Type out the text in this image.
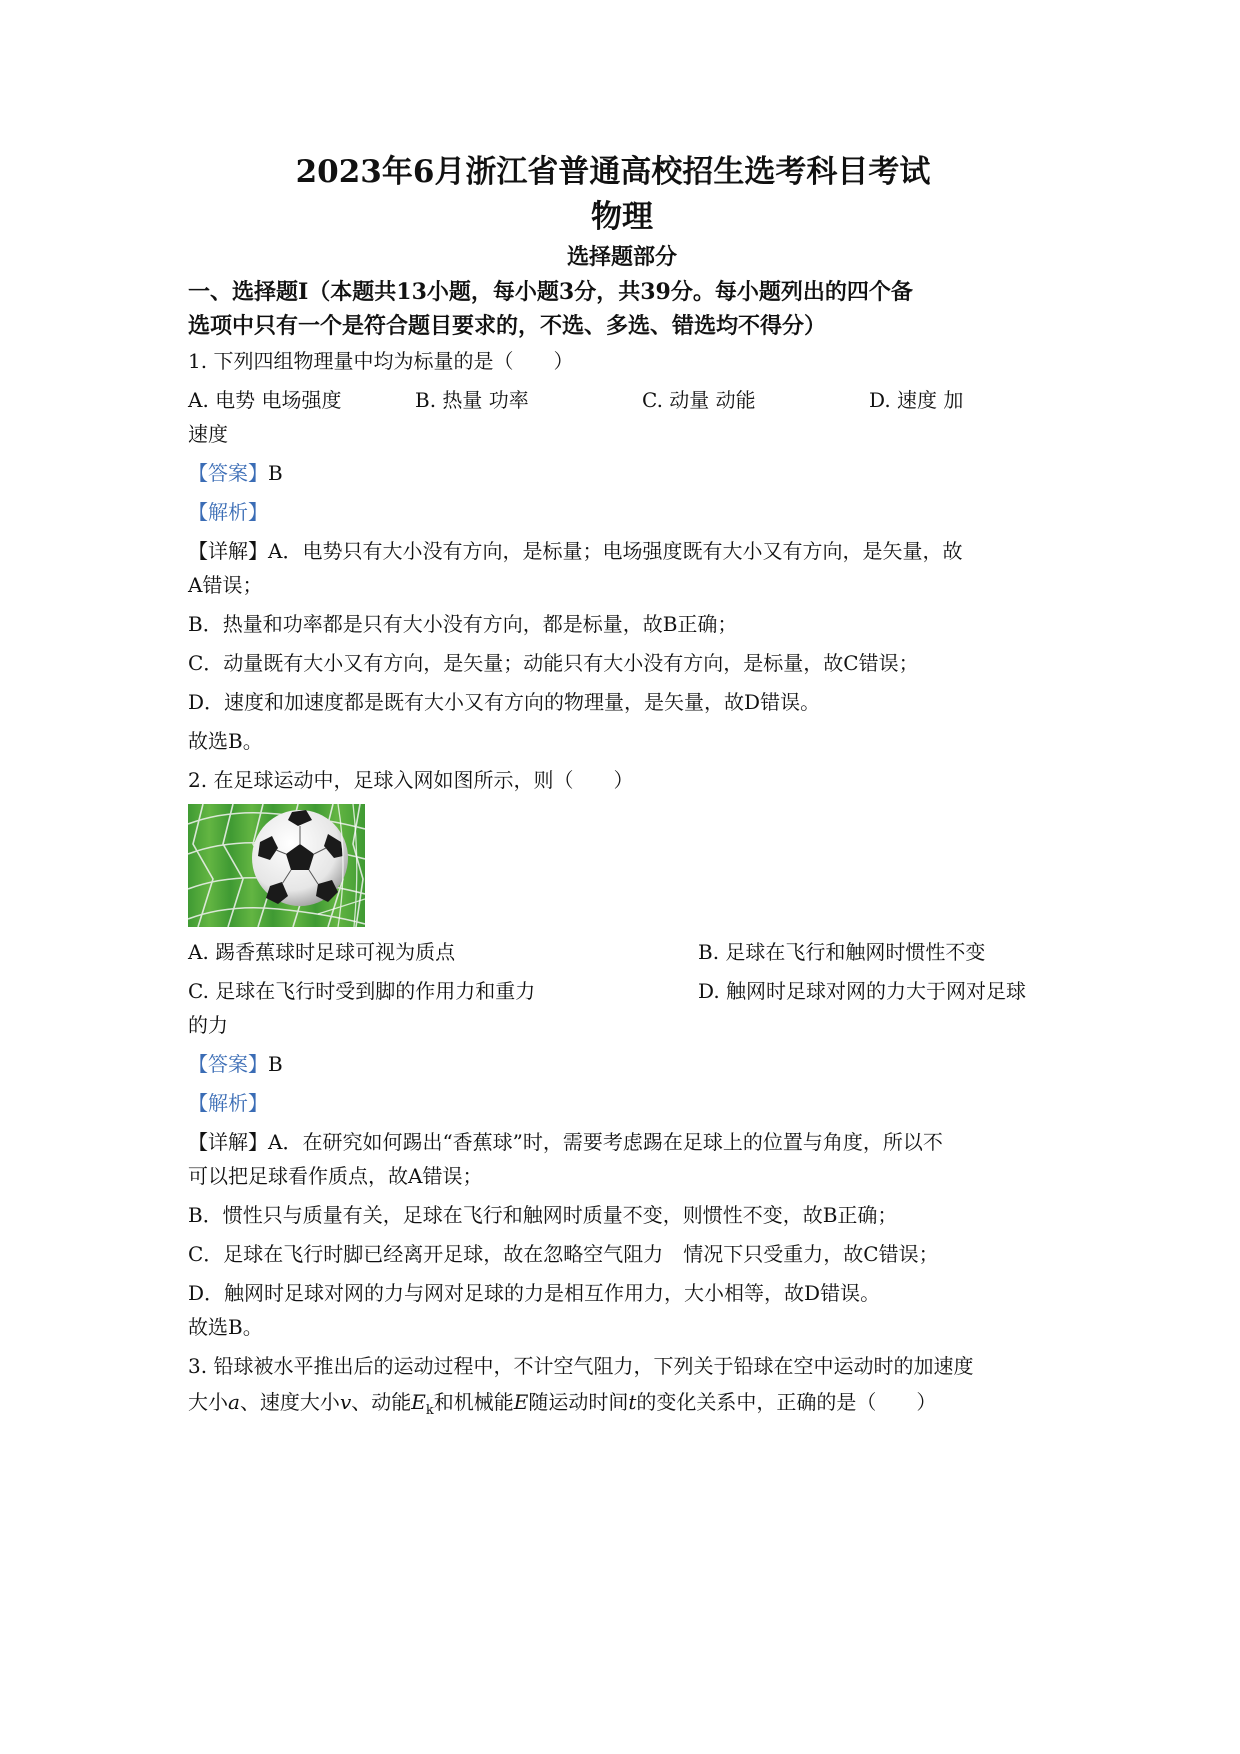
2023年6月浙江省普通高校招生选考科目考试
物理
选择题部分
一、选择题Ⅰ（本题共13小题，每小题3分，共39分。每小题列出的四个备
选项中只有一个是符合题目要求的，不选、多选、错选均不得分）
1. 下列四组物理量中均为标量的是（　　）
A. 电势 电场强度	B. 热量 功率	C. 动量 动能	D. 速度 加
速度
【答案】B
【解析】
【详解】A．电势只有大小没有方向，是标量；电场强度既有大小又有方向，是矢量，故
A错误；
B．热量和功率都是只有大小没有方向，都是标量，故B正确；
C．动量既有大小又有方向，是矢量；动能只有大小没有方向，是标量，故C错误；
D．速度和加速度都是既有大小又有方向的物理量，是矢量，故D错误。
故选B。
2. 在足球运动中，足球入网如图所示，则（　　）
A. 踢香蕉球时足球可视为质点	B. 足球在飞行和触网时惯性不变
C. 足球在飞行时受到脚的作用力和重力	D. 触网时足球对网的力大于网对足球
的力
【答案】B
【解析】
【详解】A．在研究如何踢出“香蕉球”时，需要考虑踢在足球上的位置与角度，所以不
可以把足球看作质点，故A错误；
B．惯性只与质量有关，足球在飞行和触网时质量不变，则惯性不变，故B正确；
C．足球在飞行时脚已经离开足球，故在忽略空气阻力　情况下只受重力，故C错误；
D．触网时足球对网的力与网对足球的力是相互作用力，大小相等，故D错误。
故选B。
3. 铅球被水平推出后的运动过程中，不计空气阻力，下列关于铅球在空中运动时的加速度
大小a、速度大小v、动能$E_k$和机械能E随运动时间t的变化关系中，正确的是（　　）
